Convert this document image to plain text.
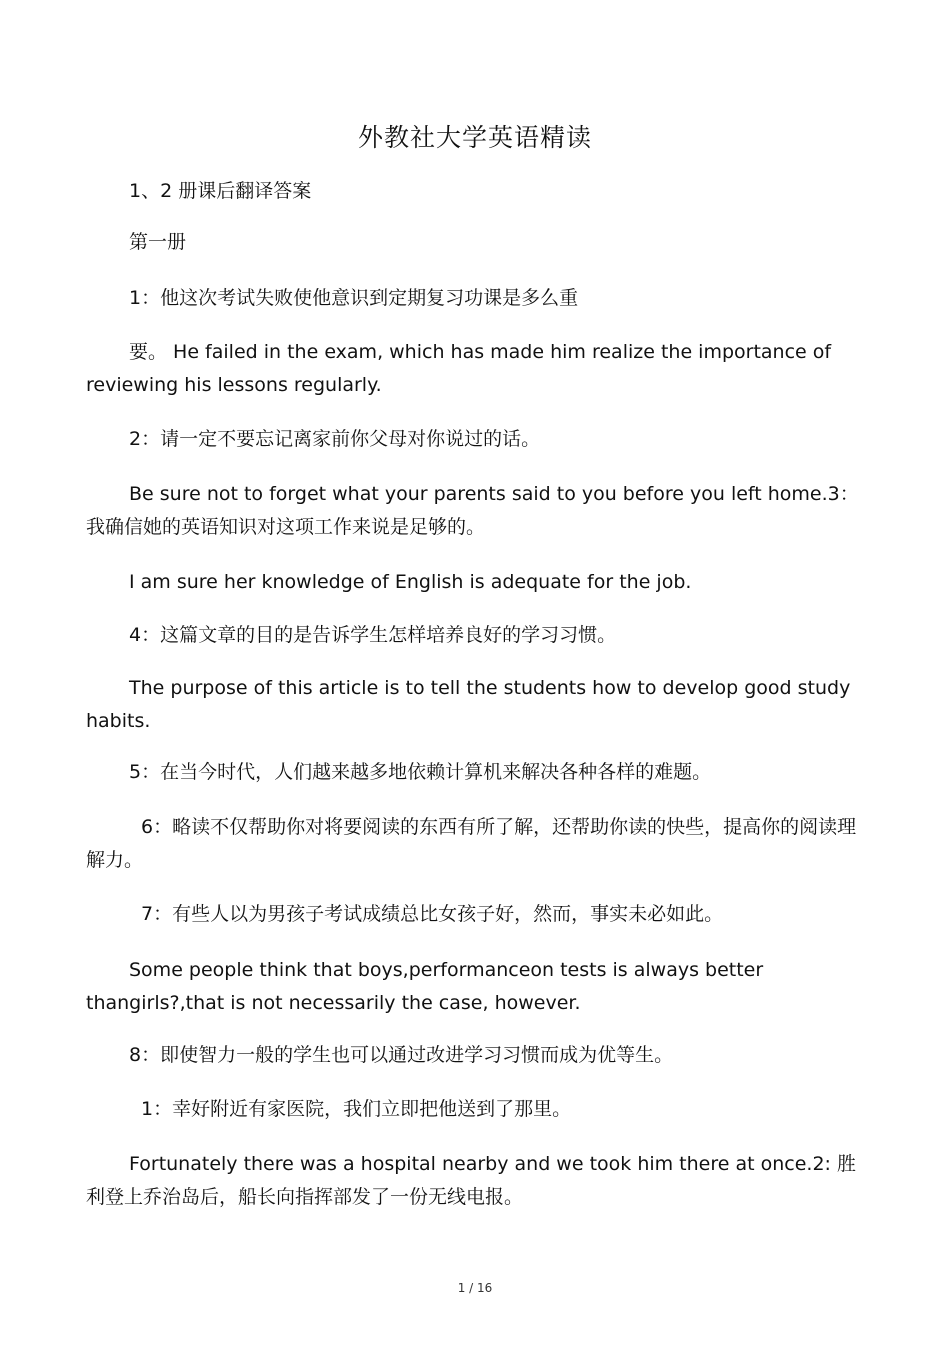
外教社大学英语精读

1、2 册课后翻译答案

第一册

1：他这次考试失败使他意识到定期复习功课是多么重

要。 He failed in the exam, which has made him realize the importance of reviewing his lessons regularly.

2：请一定不要忘记离家前你父母对你说过的话。

Be sure not to forget what your parents said to you before you left home.3：我确信她的英语知识对这项工作来说是足够的。

I am sure her knowledge of English is adequate for the job.

4：这篇文章的目的是告诉学生怎样培养良好的学习习惯。

The purpose of this article is to tell the students how to develop good study habits.

5：在当今时代，人们越来越多地依赖计算机来解决各种各样的难题。

6：略读不仅帮助你对将要阅读的东西有所了解，还帮助你读的快些，提高你的阅读理解力。

7：有些人以为男孩子考试成绩总比女孩子好，然而，事实未必如此。

Some people think that boys,performanceon tests is always better thangirls?,that is not necessarily the case, however.

8：即使智力一般的学生也可以通过改进学习习惯而成为优等生。

1：幸好附近有家医院，我们立即把他送到了那里。

Fortunately there was a hospital nearby and we took him there at once.2: 胜利登上乔治岛后，船长向指挥部发了一份无线电报。

1 / 16
